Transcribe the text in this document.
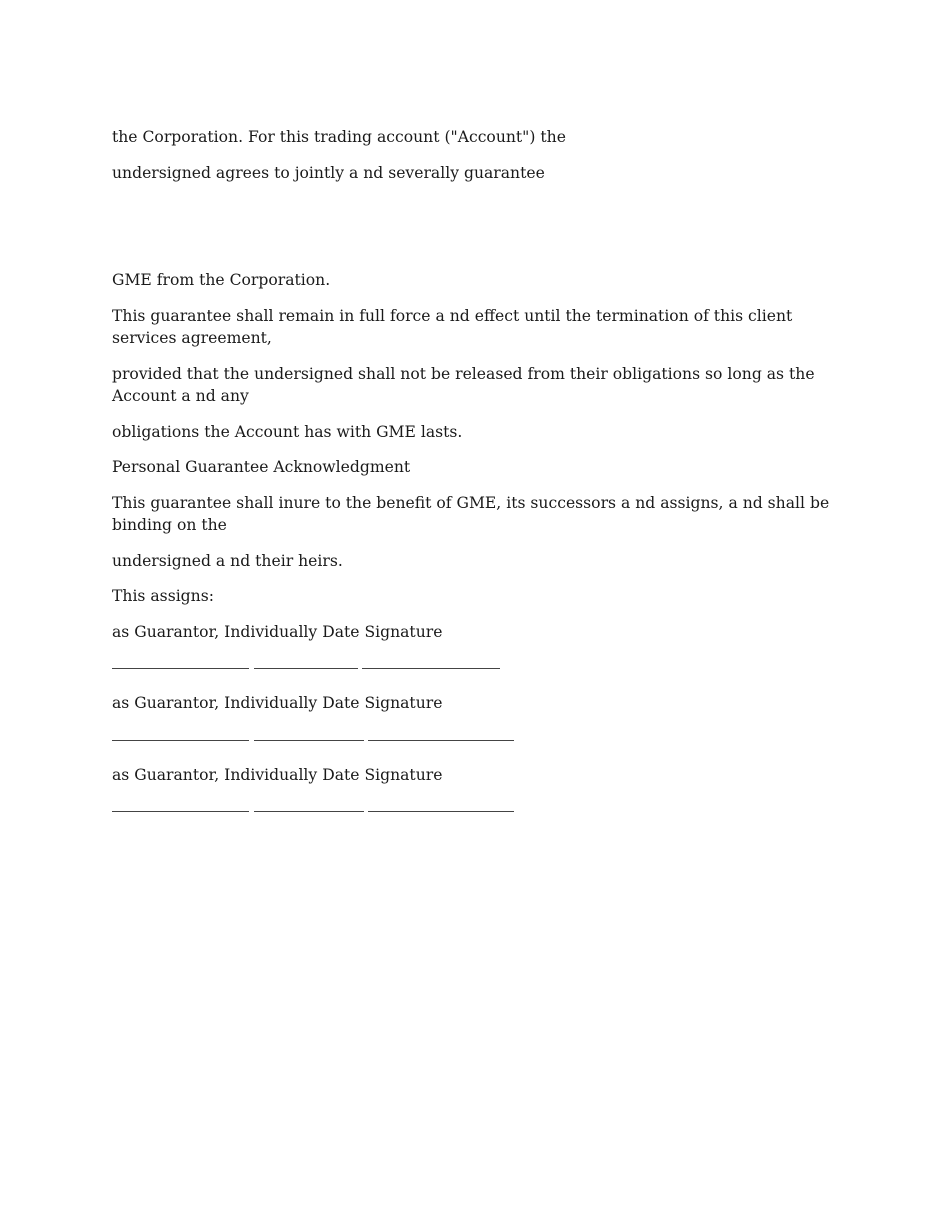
the Corporation. For this trading account ("Account") the
undersigned agrees to jointly a nd severally guarantee
GME from the Corporation.
This guarantee shall remain in full force a nd effect until the termination of this client services agreement,
provided that the undersigned shall not be released from their obligations so long as the Account a nd any
obligations the Account has with GME lasts.
Personal Guarantee Acknowledgment
This guarantee shall inure to the benefit of GME, its successors a nd assigns, a nd shall be binding on the
undersigned a nd their heirs.
This assigns:
as Guarantor, Individually Date Signature
as Guarantor, Individually Date Signature
as Guarantor, Individually Date Signature
